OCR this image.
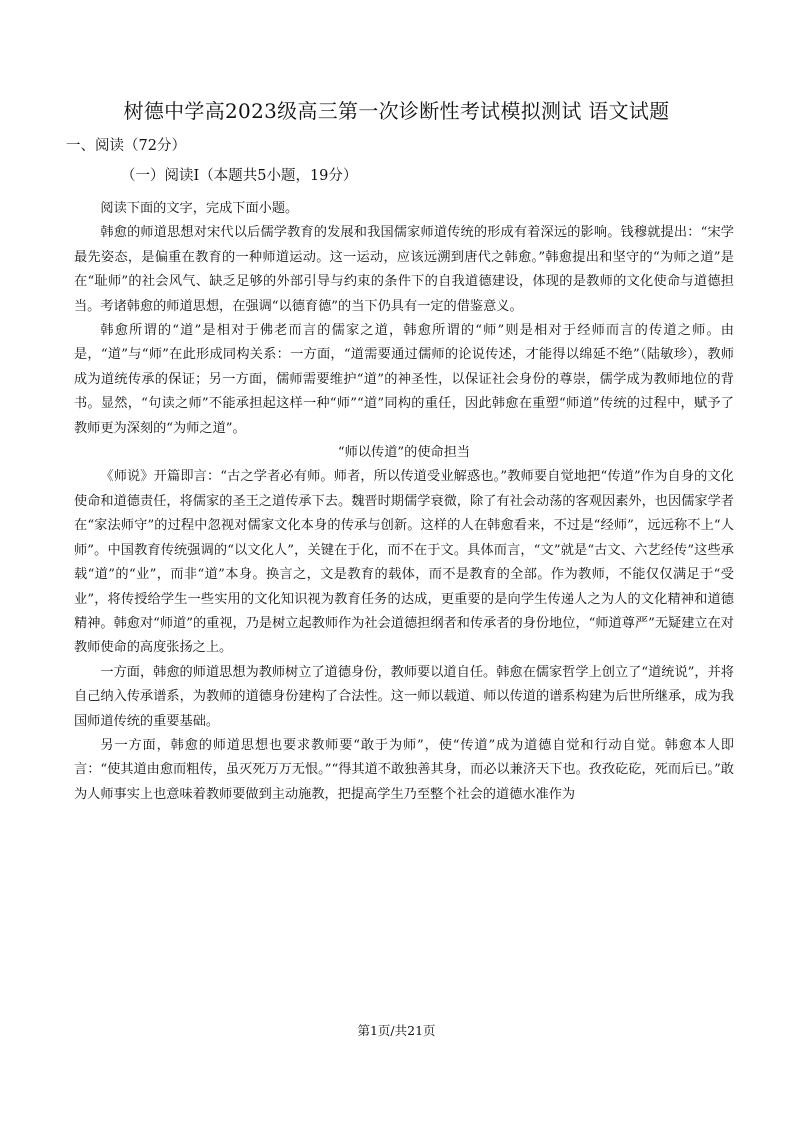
树德中学高2023级高三第一次诊断性考试模拟测试 语文试题
一、阅读（72分）
（一）阅读Ⅰ（本题共5小题，19分）

阅读下面的文字，完成下面小题。

韩愈的师道思想对宋代以后儒学教育的发展和我国儒家师道传统的形成有着深远的影响。钱穆就提出：“宋学最先姿态，是偏重在教育的一种师道运动。这一运动，应该远溯到唐代之韩愈。”韩愈提出和坚守的“为师之道”是在“耻师”的社会风气、缺乏足够的外部引导与约束的条件下的自我道德建设，体现的是教师的文化使命与道德担当。考诸韩愈的师道思想，在强调“以德育德”的当下仍具有一定的借鉴意义。

韩愈所谓的“道”是相对于佛老而言的儒家之道，韩愈所谓的“师”则是相对于经师而言的传道之师。由是，“道”与“师”在此形成同构关系：一方面，“道需要通过儒师的论说传述，才能得以绵延不绝”（陆敏珍），教师成为道统传承的保证；另一方面，儒师需要维护“道”的神圣性，以保证社会身份的尊崇，儒学成为教师地位的背书。显然，“句读之师”不能承担起这样一种“师”“道”同构的重任，因此韩愈在重塑“师道”传统的过程中，赋予了教师更为深刻的“为师之道”。

“师以传道”的使命担当

《师说》开篇即言：“古之学者必有师。师者，所以传道受业解惑也。”教师要自觉地把“传道”作为自身的文化使命和道德责任，将儒家的圣王之道传承下去。魏晋时期儒学衰微，除了有社会动荡的客观因素外，也因儒家学者在“家法师守”的过程中忽视对儒家文化本身的传承与创新。这样的人在韩愈看来，不过是“经师”，远远称不上“人师”。中国教育传统强调的“以文化人”，关键在于化，而不在于文。具体而言，“文”就是“古文、六艺经传”这些承载“道”的“业”，而非“道”本身。换言之，文是教育的载体，而不是教育的全部。作为教师，不能仅仅满足于“受业”，将传授给学生一些实用的文化知识视为教育任务的达成，更重要的是向学生传递人之为人的文化精神和道德精神。韩愈对“师道”的重视，乃是树立起教师作为社会道德担纲者和传承者的身份地位，“师道尊严”无疑建立在对教师使命的高度张扬之上。

一方面，韩愈的师道思想为教师树立了道德身份，教师要以道自任。韩愈在儒家哲学上创立了“道统说”，并将自己纳入传承谱系，为教师的道德身份建构了合法性。这一师以载道、师以传道的谱系构建为后世所继承，成为我国师道传统的重要基础。

另一方面，韩愈的师道思想也要求教师要“敢于为师”，使“传道”成为道德自觉和行动自觉。韩愈本人即言：“使其道由愈而粗传，虽灭死万万无恨。”“得其道不敢独善其身，而必以兼济天下也。孜孜矻矻，死而后已。”敢为人师事实上也意味着教师要做到主动施教，把提高学生乃至整个社会的道德水准作为

第1页/共21页
